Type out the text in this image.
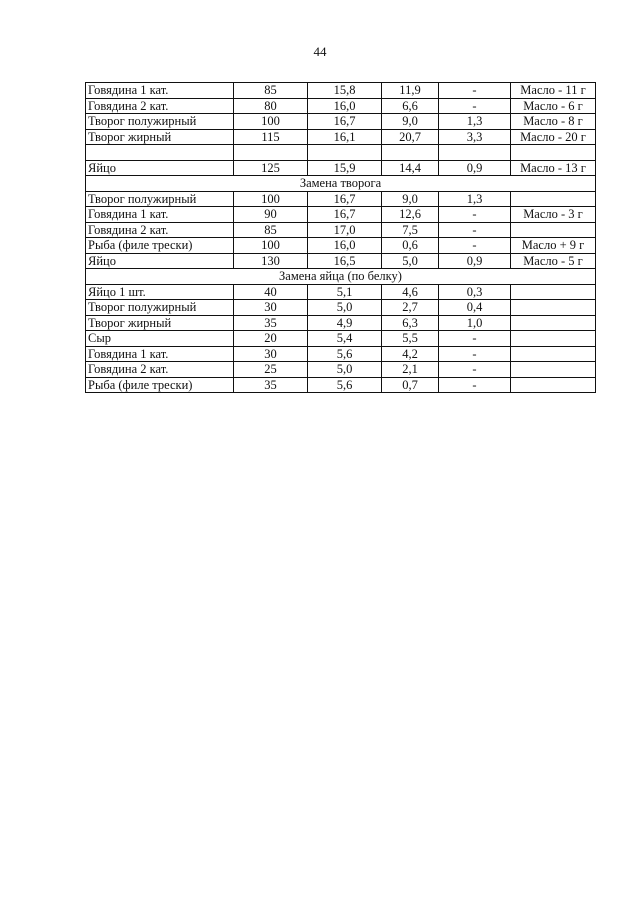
44
Говядина 1 кат.	85	15,8	11,9	-	Масло - 11 г
Говядина 2 кат.	80	16,0	6,6	-	Масло - 6 г
Творог полужирный	100	16,7	9,0	1,3	Масло - 8 г
Творог жирный	115	16,1	20,7	3,3	Масло - 20 г

Яйцо	125	15,9	14,4	0,9	Масло - 13 г
Замена творога					
Творог полужирный	100	16,7	9,0	1,3	
Говядина 1 кат.	90	16,7	12,6	-	Масло - 3 г
Говядина 2 кат.	85	17,0	7,5	-	
Рыба (филе трески)	100	16,0	0,6	-	Масло + 9 г
Яйцо	130	16,5	5,0	0,9	Масло - 5 г
Замена яйца (по белку)					
Яйцо 1 шт.	40	5,1	4,6	0,3	
Творог полужирный	30	5,0	2,7	0,4	
Творог жирный	35	4,9	6,3	1,0	
Сыр	20	5,4	5,5	-	
Говядина 1 кат.	30	5,6	4,2	-	
Говядина 2 кат.	25	5,0	2,1	-	
Рыба (филе трески)	35	5,6	0,7	-	
